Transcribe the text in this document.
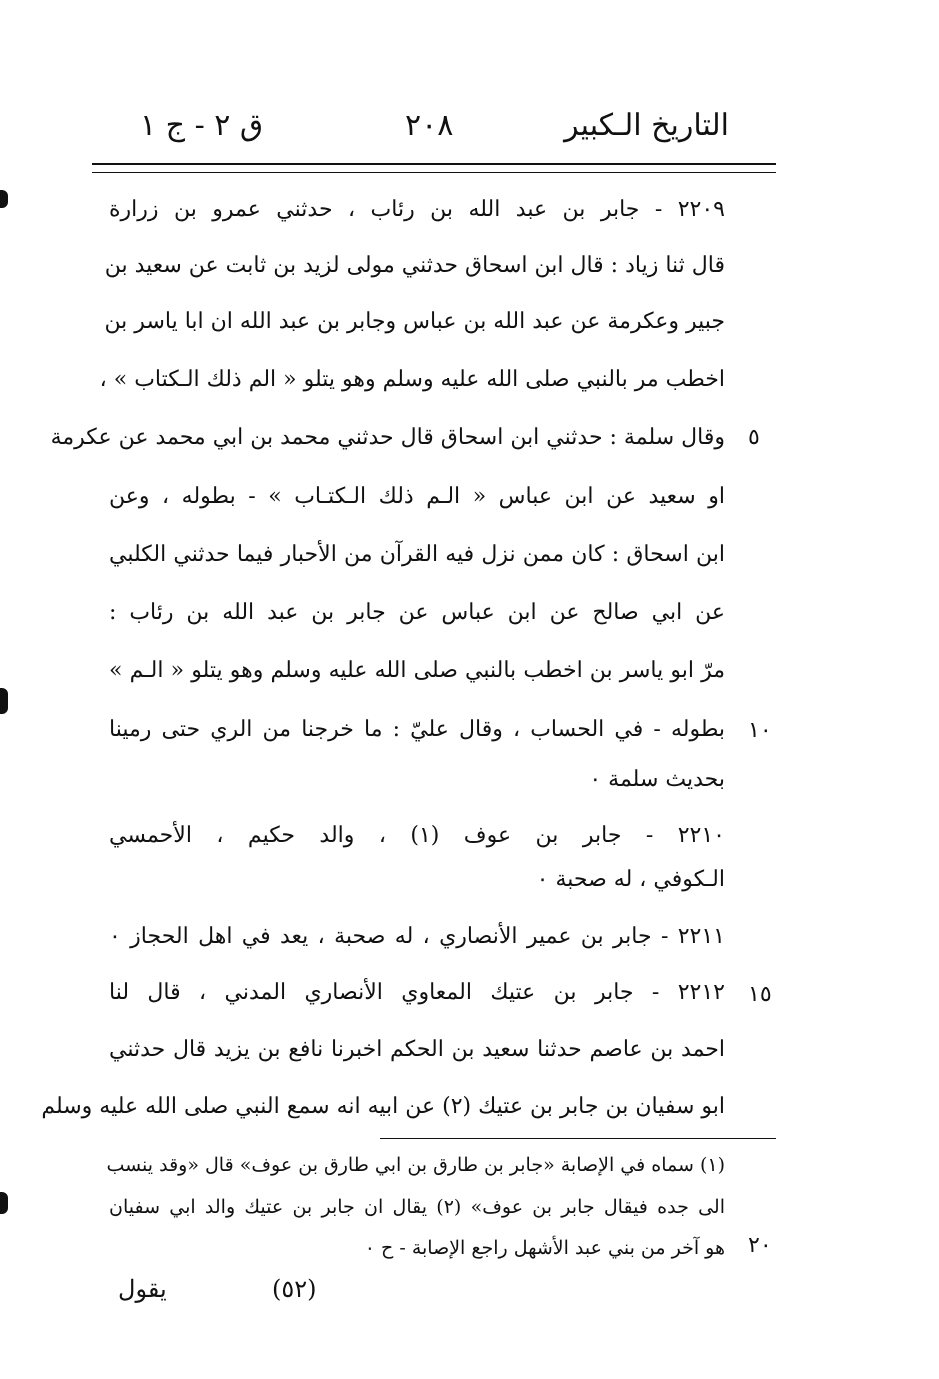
التاريخ الـكبير
٢٠٨
ق ٢ - ج ١
٢٢٠٩ - جابر بن عبد الله بن رئاب ، حدثني عمرو بن زرارة
قال ثنا زياد : قال ابن اسحاق حدثني مولى لزيد بن ثابت عن سعيد بن
جبير وعكرمة عن عبد الله بن عباس وجابر بن عبد الله ان ابا ياسر بن
اخطب مر بالنبي صلى الله عليه وسلم وهو يتلو « الم ذلك الـكتاب » ،
وقال سلمة : حدثني ابن اسحاق قال حدثني محمد بن ابي محمد عن عكرمة
او سعيد عن ابن عباس « الـم ذلك الـكتـاب » - بطوله ، وعن
ابن اسحاق : كان ممن نزل فيه القرآن من الأحبار فيما حدثني الكلبي
عن ابي صالح عن ابن عباس عن جابر بن عبد الله بن رئاب :
مرّ ابو ياسر بن اخطب بالنبي صلى الله عليه وسلم وهو يتلو « الـم »
بطوله - في الحساب ، وقال عليّ : ما خرجنا من الري حتى رمينا
بحديث سلمة ٠
٢٢١٠ - جابر بن عوف (١) ، والد حكيم ، الأحمسي
الـكوفي ، له صحبة ٠
٢٢١١ - جابر بن عمير الأنصاري ، له صحبة ، يعد في اهل الحجاز ٠
٢٢١٢ - جابر بن عتيك المعاوي الأنصاري المدني ، قال لنا
احمد بن عاصم حدثنا سعيد بن الحكم اخبرنا نافع بن يزيد قال حدثني
ابو سفيان بن جابر بن عتيك (٢) عن ابيه انه سمع النبي صلى الله عليه وسلم
٥
١٠
١٥
٢٠
(١) سماه في الإصابة «جابر بن طارق بن ابي طارق بن عوف» قال «وقد ينسب
الى جده فيقال جابر بن عوف» (٢) يقال ان جابر بن عتيك والد ابي سفيان
هو آخر من بني عبد الأشهل راجع الإصابة - ح ٠
(٥٢)
يقول
